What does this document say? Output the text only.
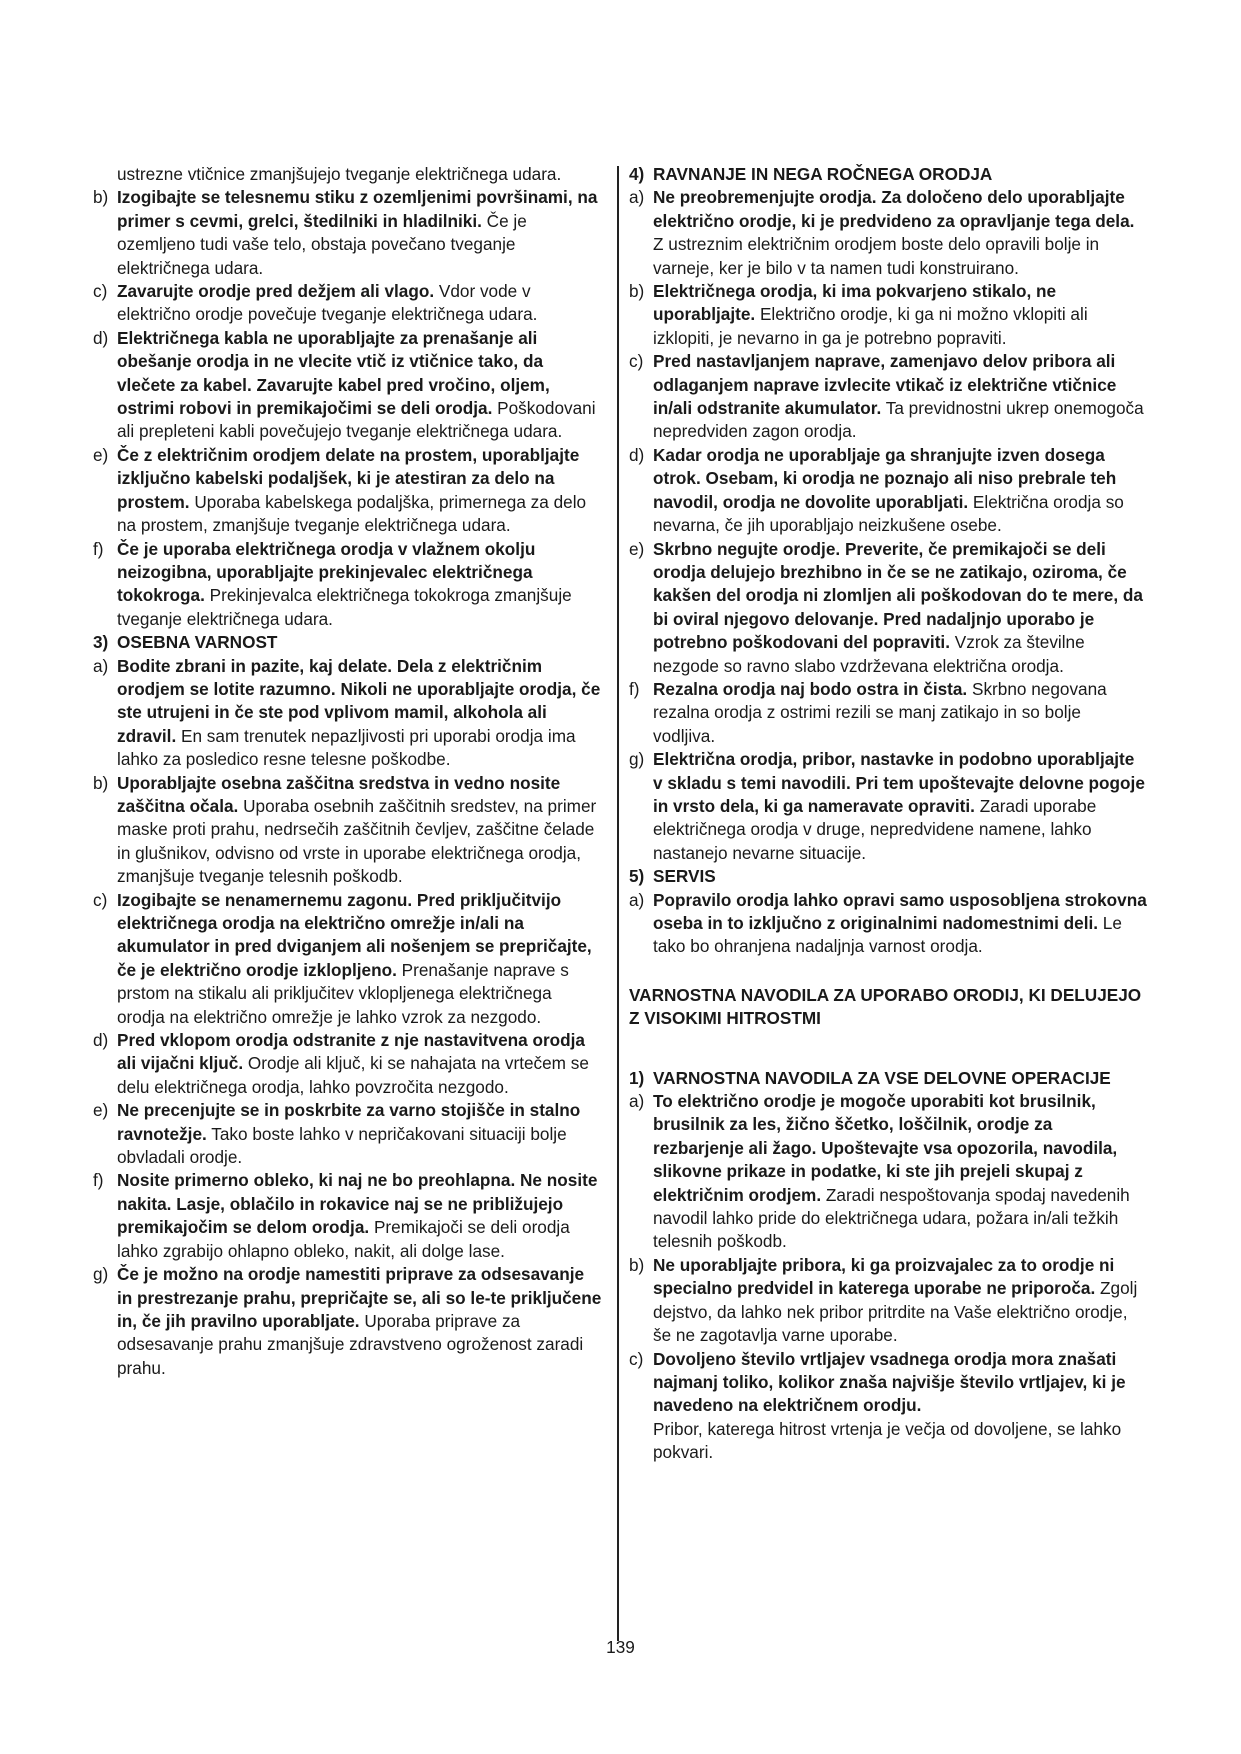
ustrezne vtičnice zmanjšujejo tveganje električnega udara.

b) Izogibajte se telesnemu stiku z ozemljenimi površinami, na primer s cevmi, grelci, štedilniki in hladilniki. Če je ozemljeno tudi vaše telo, obstaja povečano tveganje električnega udara.

c) Zavarujte orodje pred dežjem ali vlago. Vdor vode v električno orodje povečuje tveganje električnega udara.

d) Električnega kabla ne uporabljajte za prenašanje ali obešanje orodja in ne vlecite vtič iz vtičnice tako, da vlečete za kabel. Zavarujte kabel pred vročino, oljem, ostrimi robovi in premikajočimi se deli orodja. Poškodovani ali prepleteni kabli povečujejo tveganje električnega udara.

e) Če z električnim orodjem delate na prostem, uporabljajte izključno kabelski podaljšek, ki je atestiran za delo na prostem. Uporaba kabelskega podaljška, primernega za delo na prostem, zmanjšuje tveganje električnega udara.

f) Če je uporaba električnega orodja v vlažnem okolju neizogibna, uporabljajte prekinjevalec električnega tokokroga. Prekinjevalca električnega tokokroga zmanjšuje tveganje električnega udara.

3) OSEBNA VARNOST

a) Bodite zbrani in pazite, kaj delate. Dela z električnim orodjem se lotite razumno. Nikoli ne uporabljajte orodja, če ste utrujeni in če ste pod vplivom mamil, alkohola ali zdravil. En sam trenutek nepazljivosti pri uporabi orodja ima lahko za posledico resne telesne poškodbe.

b) Uporabljajte osebna zaščitna sredstva in vedno nosite zaščitna očala. Uporaba osebnih zaščitnih sredstev, na primer maske proti prahu, nedrsečih zaščitnih čevljev, zaščitne čelade in glušnikov, odvisno od vrste in uporabe električnega orodja, zmanjšuje tveganje telesnih poškodb.

c) Izogibajte se nenamernemu zagonu. Pred priključitvijo električnega orodja na električno omrežje in/ali na akumulator in pred dviganjem ali nošenjem se prepričajte, če je električno orodje izklopljeno. Prenašanje naprave s prstom na stikalu ali priključitev vklopljenega električnega orodja na električno omrežje je lahko vzrok za nezgodo.

d) Pred vklopom orodja odstranite z nje nastavitvena orodja ali vijačni ključ. Orodje ali ključ, ki se nahajata na vrtečem se delu električnega orodja, lahko povzročita nezgodo.

e) Ne precenjujte se in poskrbite za varno stojišče in stalno ravnotežje. Tako boste lahko v nepričakovani situaciji bolje obvladali orodje.

f) Nosite primerno obleko, ki naj ne bo preohlapna. Ne nosite nakita. Lasje, oblačilo in rokavice naj se ne približujejo premikajočim se delom orodja. Premikajoči se deli orodja lahko zgrabijo ohlapno obleko, nakit, ali dolge lase.

g) Če je možno na orodje namestiti priprave za odsesavanje in prestrezanje prahu, prepričajte se, ali so le-te priključene in, če jih pravilno uporabljate. Uporaba priprave za odsesavanje prahu zmanjšuje zdravstveno ogroženost zaradi prahu.

4) RAVNANJE IN NEGA ROČNEGA ORODJA

a) Ne preobremenjujte orodja. Za določeno delo uporabljajte električno orodje, ki je predvideno za opravljanje tega dela. Z ustreznim električnim orodjem boste delo opravili bolje in varneje, ker je bilo v ta namen tudi konstruirano.

b) Električnega orodja, ki ima pokvarjeno stikalo, ne uporabljajte. Električno orodje, ki ga ni možno vklopiti ali izklopiti, je nevarno in ga je potrebno popraviti.

c) Pred nastavljanjem naprave, zamenjavo delov pribora ali odlaganjem naprave izvlecite vtikač iz električne vtičnice in/ali odstranite akumulator. Ta previdnostni ukrep onemogoča nepredviden zagon orodja.

d) Kadar orodja ne uporabljaje ga shranjujte izven dosega otrok. Osebam, ki orodja ne poznajo ali niso prebrale teh navodil, orodja ne dovolite uporabljati. Električna orodja so nevarna, če jih uporabljajo neizkušene osebe.

e) Skrbno negujte orodje. Preverite, če premikajoči se deli orodja delujejo brezhibno in če se ne zatikajo, oziroma, če kakšen del orodja ni zlomljen ali poškodovan do te mere, da bi oviral njegovo delovanje. Pred nadaljnjo uporabo je potrebno poškodovani del popraviti. Vzrok za številne nezgode so ravno slabo vzdrževana električna orodja.

f) Rezalna orodja naj bodo ostra in čista. Skrbno negovana rezalna orodja z ostrimi rezili se manj zatikajo in so bolje vodljiva.

g) Električna orodja, pribor, nastavke in podobno uporabljajte v skladu s temi navodili. Pri tem upoštevajte delovne pogoje in vrsto dela, ki ga nameravate opraviti. Zaradi uporabe električnega orodja v druge, nepredvidene namene, lahko nastanejo nevarne situacije.

5) SERVIS

a) Popravilo orodja lahko opravi samo usposobljena strokovna oseba in to izključno z originalnimi nadomestnimi deli. Le tako bo ohranjena nadaljnja varnost orodja.

VARNOSTNA NAVODILA ZA UPORABO ORODIJ, KI DELUJEJO Z VISOKIMI HITROSTMI

1) VARNOSTNA NAVODILA ZA VSE DELOVNE OPERACIJE

a) To električno orodje je mogoče uporabiti kot brusilnik, brusilnik za les, žično ščetko, loščilnik, orodje za rezbarjenje ali žago. Upoštevajte vsa opozorila, navodila, slikovne prikaze in podatke, ki ste jih prejeli skupaj z električnim orodjem. Zaradi nespoštovanja spodaj navedenih navodil lahko pride do električnega udara, požara in/ali težkih telesnih poškodb.

b) Ne uporabljajte pribora, ki ga proizvajalec za to orodje ni specialno predvidel in katerega uporabe ne priporoča. Zgolj dejstvo, da lahko nek pribor pritrdite na Vaše električno orodje, še ne zagotavlja varne uporabe.

c) Dovoljeno število vrtljajev vsadnega orodja mora znašati najmanj toliko, kolikor znaša najvišje število vrtljajev, ki je navedeno na električnem orodju.

Pribor, katerega hitrost vrtenja je večja od dovoljene, se lahko pokvari.

139
